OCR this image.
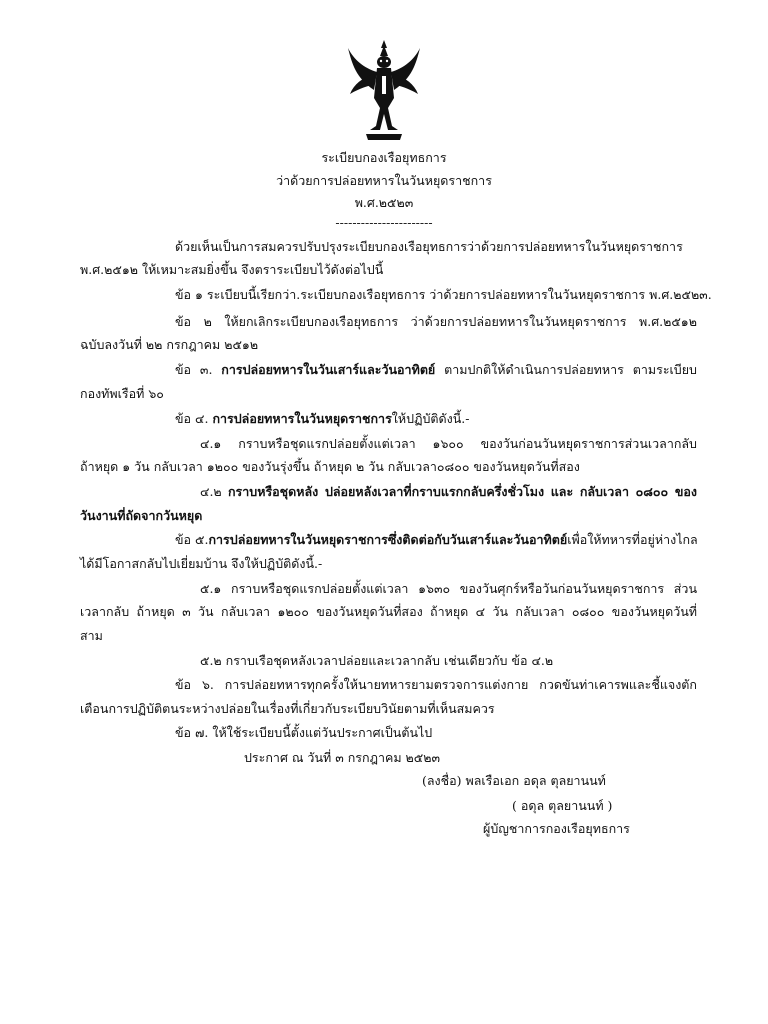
ระเบียบกองเรือยุทธการ
ว่าด้วยการปล่อยทหารในวันหยุดราชการ
พ.ศ.๒๕๒๓
-----------------------
ด้วยเห็นเป็นการสมควรปรับปรุงระเบียบกองเรือยุทธการว่าด้วยการปล่อยทหารในวันหยุดราชการ
พ.ศ.๒๕๑๒ ให้เหมาะสมยิ่งขึ้น จึงตราระเบียบไว้ดังต่อไปนี้
ข้อ ๑ ระเบียบนี้เรียกว่า.ระเบียบกองเรือยุทธการ ว่าด้วยการปล่อยทหารในวันหยุดราชการ พ.ศ.๒๕๒๓.
ข้อ ๒ ให้ยกเลิกระเบียบกองเรือยุทธการ ว่าด้วยการปล่อยทหารในวันหยุดราชการ พ.ศ.๒๕๑๒
ฉบับลงวันที่ ๒๒ กรกฎาคม ๒๕๑๒
ข้อ ๓. การปล่อยทหารในวันเสาร์และวันอาทิตย์ ตามปกติให้ดำเนินการปล่อยทหาร ตามระเบียบ
กองทัพเรือที่ ๖๐
ข้อ ๔. การปล่อยทหารในวันหยุดราชการให้ปฏิบัติดังนี้.-
๔.๑ กราบหรือชุดแรกปล่อยตั้งแต่เวลา ๑๖๐๐ ของวันก่อนวันหยุดราชการส่วนเวลากลับ
ถ้าหยุด ๑ วัน กลับเวลา ๑๒๐๐ ของวันรุ่งขึ้น ถ้าหยุด ๒ วัน กลับเวลา๐๘๐๐ ของวันหยุดวันที่สอง
๔.๒ กราบหรือชุดหลัง ปล่อยหลังเวลาที่กราบแรกกลับครึ่งชั่วโมง และ กลับเวลา ๐๘๐๐ ของ
วันงานที่ถัดจากวันหยุด
ข้อ ๕.การปล่อยทหารในวันหยุดราชการซึ่งติดต่อกับวันเสาร์และวันอาทิตย์เพื่อให้ทหารที่อยู่ห่างไกล
ได้มีโอกาสกลับไปเยี่ยมบ้าน จึงให้ปฏิบัติดังนี้.-
๕.๑ กราบหรือชุดแรกปล่อยตั้งแต่เวลา ๑๖๓๐ ของวันศุกร์หรือวันก่อนวันหยุดราชการ ส่วน
เวลากลับ ถ้าหยุด ๓ วัน กลับเวลา ๑๒๐๐ ของวันหยุดวันที่สอง ถ้าหยุด ๔ วัน กลับเวลา ๐๘๐๐ ของวันหยุดวันที่
สาม
๕.๒ กราบเรือชุดหลังเวลาปล่อยและเวลากลับ เช่นเดียวกับ ข้อ ๔.๒
ข้อ ๖. การปล่อยทหารทุกครั้งให้นายทหารยามตรวจการแต่งกาย กวดขันท่าเคารพและชี้แจงตัก
เตือนการปฏิบัติตนระหว่างปล่อยในเรื่องที่เกี่ยวกับระเบียบวินัยตามที่เห็นสมควร
ข้อ ๗. ให้ใช้ระเบียบนี้ตั้งแต่วันประกาศเป็นต้นไป
ประกาศ ณ วันที่ ๓ กรกฎาคม ๒๕๒๓
(ลงชื่อ) พลเรือเอก อดุล ตุลยานนท์
( อดุล ตุลยานนท์ )
ผู้บัญชาการกองเรือยุทธการ
